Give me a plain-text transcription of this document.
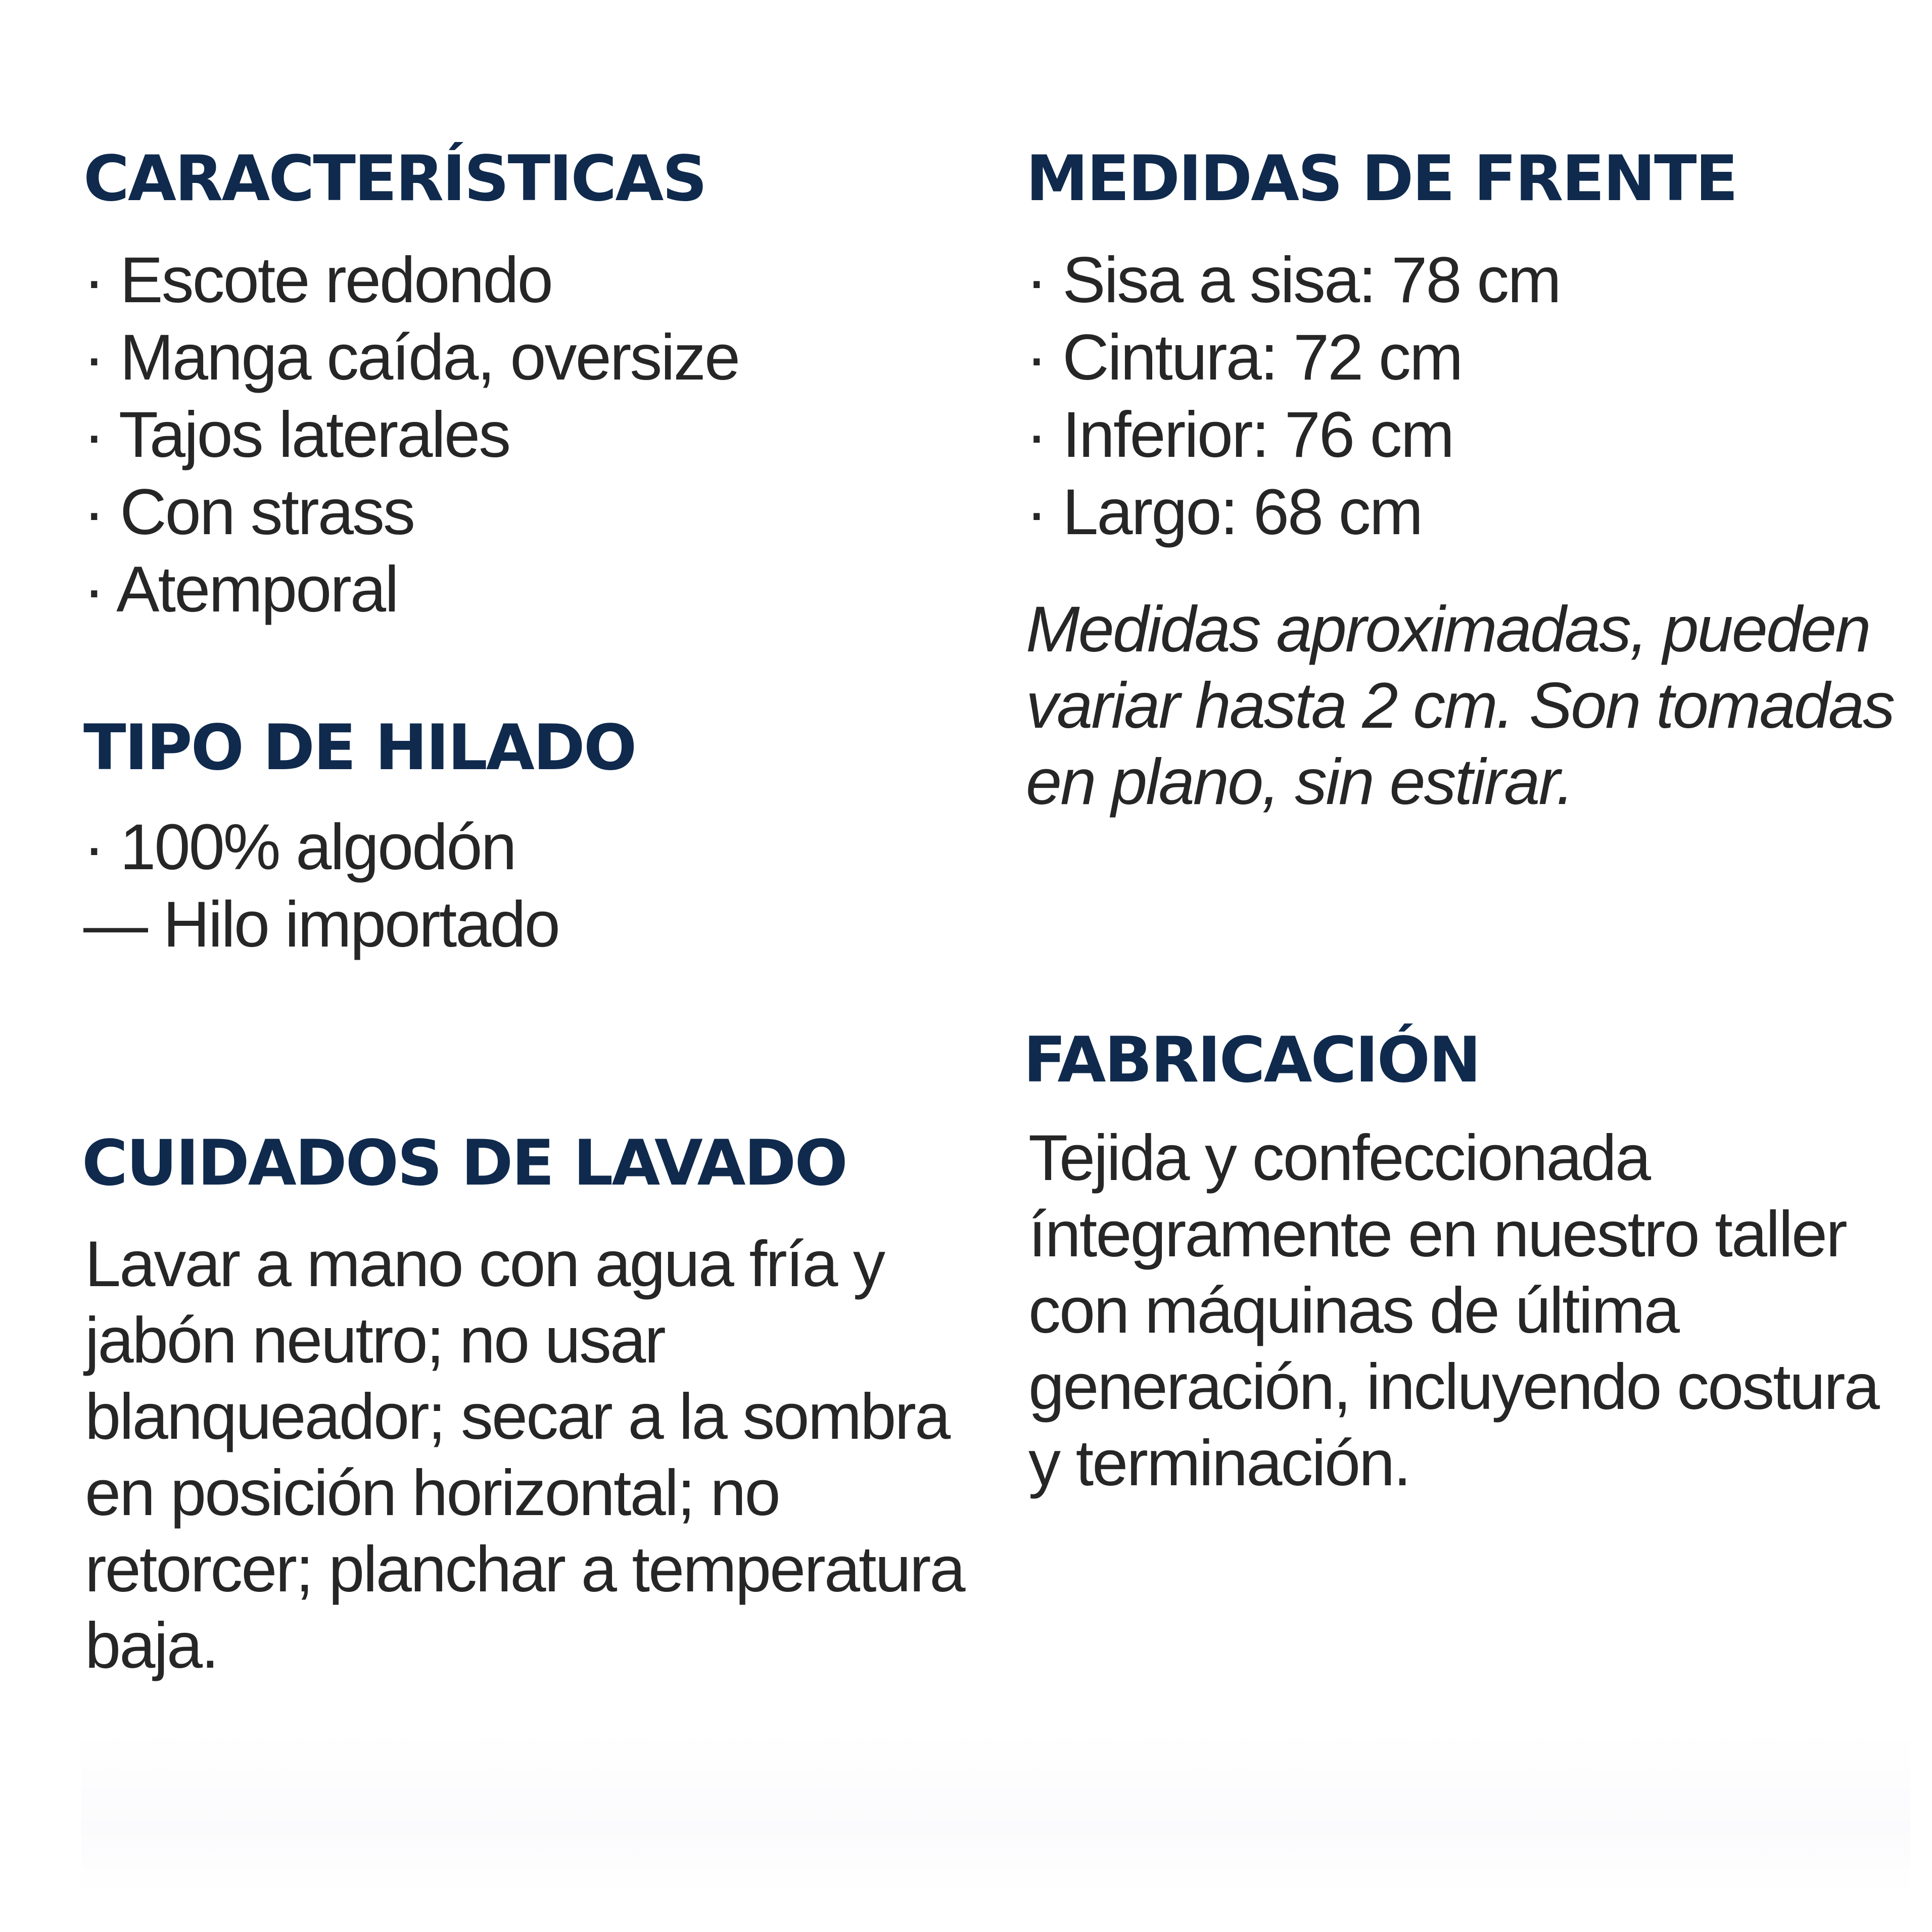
CARACTERÍSTICAS
· Escote redondo
· Manga caída, oversize
· Tajos laterales
· Con strass
· Atemporal
MEDIDAS DE FRENTE
· Sisa a sisa: 78 cm
· Cintura: 72 cm
· Inferior: 76 cm
· Largo: 68 cm

Medidas aproximadas, pueden variar hasta 2 cm. Son tomadas en plano, sin estirar.

TIPO DE HILADO
· 100% algodón
— Hilo importado
FABRICACIÓN

Tejida y confeccionada íntegramente en nuestro taller con máquinas de última generación, incluyendo costura y terminación.

CUIDADOS DE LAVADO

Lavar a mano con agua fría y jabón neutro; no usar blanqueador; secar a la sombra en posición horizontal; no retorcer; planchar a temperatura baja.
